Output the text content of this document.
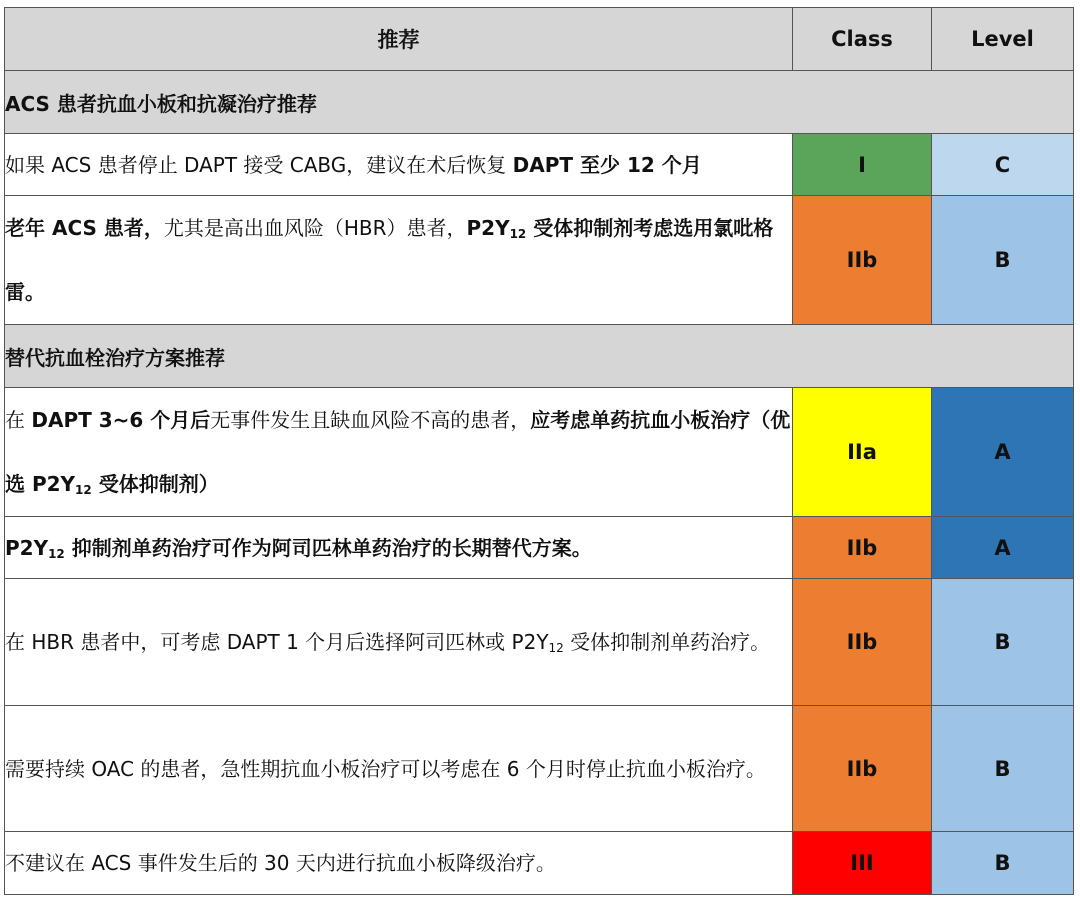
推荐	Class	Level
ACS 患者抗血小板和抗凝治疗推荐		

如果 ACS 患者停止 DAPT 接受 CABG，建议在术后恢复 DAPT 至少 12 个月	I	C

老年 ACS 患者，尤其是高出血风险（HBR）患者，$P2Y_{12}$ 受体抑制剂考虑选用氯吡格雷。	IIb	B
替代抗血栓治疗方案推荐		

在 DAPT 3~6 个月后无事件发生且缺血风险不高的患者，应考虑单药抗血小板治疗（优选 $P2Y_{12}$ 受体抑制剂）	IIa	A

$P2Y_{12}$ 抑制剂单药治疗可作为阿司匹林单药治疗的长期替代方案。	IIb	A

在 HBR 患者中，可考虑 DAPT 1 个月后选择阿司匹林或 $P2Y_{12}$ 受体抑制剂单药治疗。	IIb	B

需要持续 OAC 的患者，急性期抗血小板治疗可以考虑在 6 个月时停止抗血小板治疗。	IIb	B

不建议在 ACS 事件发生后的 30 天内进行抗血小板降级治疗。	III	B
